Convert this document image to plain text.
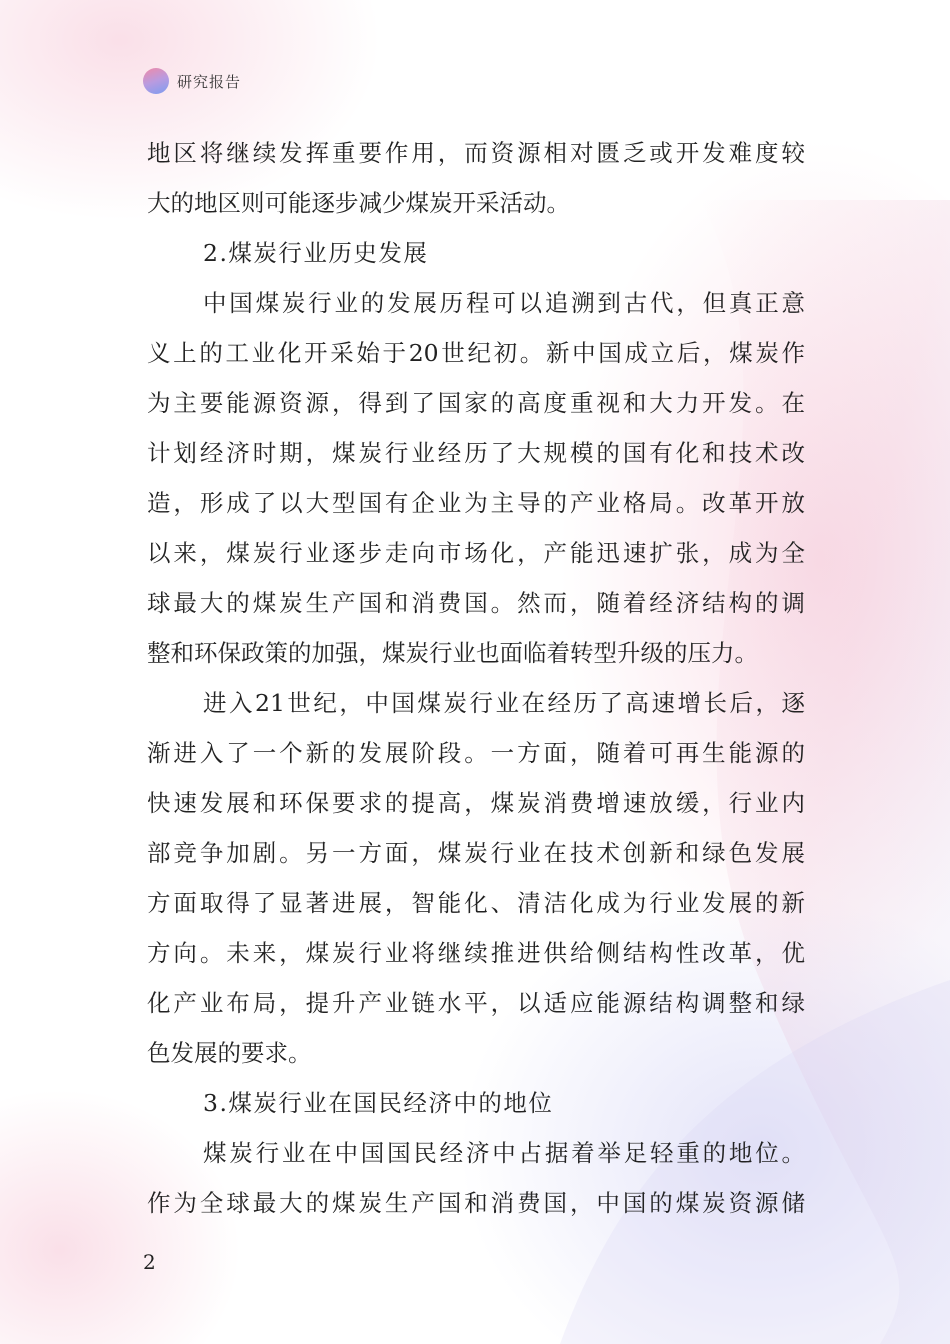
研究报告
地区将继续发挥重要作用，而资源相对匮乏或开发难度较
大的地区则可能逐步减少煤炭开采活动。
2.煤炭行业历史发展
中国煤炭行业的发展历程可以追溯到古代，但真正意
义上的工业化开采始于20世纪初。新中国成立后，煤炭作
为主要能源资源，得到了国家的高度重视和大力开发。在
计划经济时期，煤炭行业经历了大规模的国有化和技术改
造，形成了以大型国有企业为主导的产业格局。改革开放
以来，煤炭行业逐步走向市场化，产能迅速扩张，成为全
球最大的煤炭生产国和消费国。然而，随着经济结构的调
整和环保政策的加强，煤炭行业也面临着转型升级的压力。
进入21世纪，中国煤炭行业在经历了高速增长后，逐
渐进入了一个新的发展阶段。一方面，随着可再生能源的
快速发展和环保要求的提高，煤炭消费增速放缓，行业内
部竞争加剧。另一方面，煤炭行业在技术创新和绿色发展
方面取得了显著进展，智能化、清洁化成为行业发展的新
方向。未来，煤炭行业将继续推进供给侧结构性改革，优
化产业布局，提升产业链水平，以适应能源结构调整和绿
色发展的要求。
3.煤炭行业在国民经济中的地位
煤炭行业在中国国民经济中占据着举足轻重的地位。
作为全球最大的煤炭生产国和消费国，中国的煤炭资源储
2
